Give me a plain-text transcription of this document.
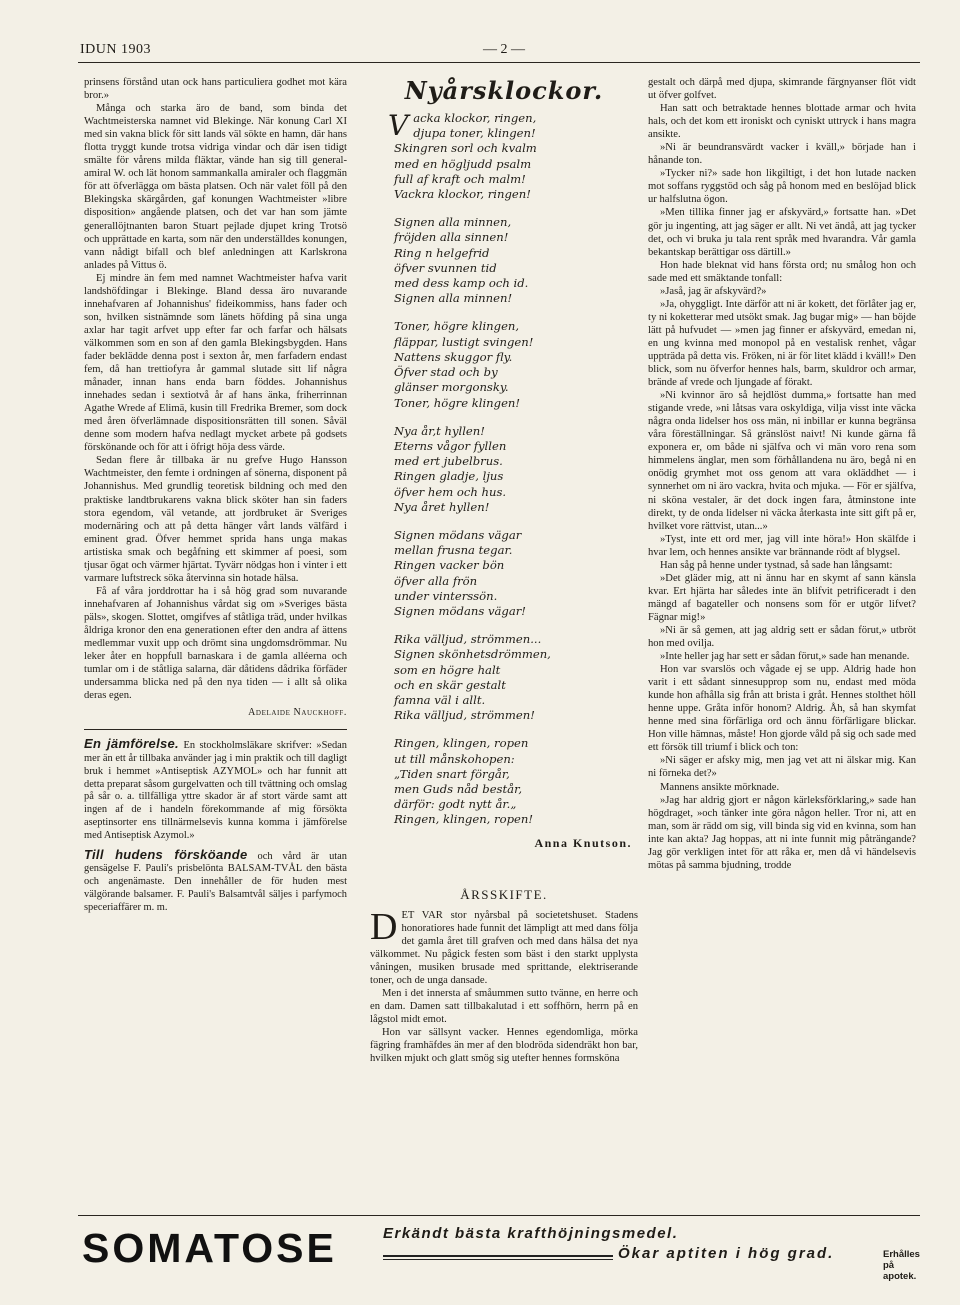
IDUN 1903	— 2 —

prinsens förstånd utan ock hans particuliera godhet mot kära bror.»

Många och starka äro de band, som binda det Wachtmeisterska namnet vid Blekinge. När konung Carl XI med sin vakna blick för sitt lands väl sökte en hamn, där hans flotta tryggt kunde trotsa vidriga vindar och där isen tidigt smälte för vårens milda fläktar, vände han sig till general-amiral W. och lät honom sammankalla amiraler och flaggmän för att öfverlägga om bästa platsen. Och när valet föll på den Blekingska skärgården, gaf konungen Wachtmeister »libre disposition» angående platsen, och det var han som jämte generallöjtnanten baron Stuart pejlade djupet kring Trotsö och upprättade en karta, som när den underställdes konungen, vann nådigt bifall och blef anledningen att Karlskrona anlades på Vittus ö.

Ej mindre än fem med namnet Wachtmeister hafva varit landshöfdingar i Blekinge. Bland dessa äro nuvarande innehafvaren af Johannishus' fideikommiss, hans fader och son, hvilken sistnämnde som länets höfding på sina unga axlar har tagit arfvet upp efter far och farfar och hälsats välkommen som en son af den gamla Blekingsbygden. Hans fader beklädde denna post i sexton år, men farfadern endast fem, då han trettiofyra år gammal slutade sitt lif några månader, innan hans enda barn föddes. Johannishus innehades sedan i sextiotvå år af hans änka, friherrinnan Agathe Wrede af Elimä, kusin till Fredrika Bremer, som dock med åren öfverlämnade dispositionsrätten till sonen. Såväl denne som modern hafva nedlagt mycket arbete på godsets förskönande och för att i öfrigt höja dess värde.

Sedan flere år tillbaka är nu grefve Hugo Hansson Wachtmeister, den femte i ordningen af sönerna, disponent på Johannishus. Med grundlig teoretisk bildning och med den praktiske landtbrukarens vakna blick sköter han sin faders stora egendom, väl vetande, att jordbruket är Sveriges modernäring och att på detta hänger vårt lands välfärd i eminent grad. Öfver hemmet sprida hans unga makas artistiska smak och begåfning ett skimmer af poesi, som tjusar ögat och värmer hjärtat. Tyvärr nödgas hon i vinter i ett varmare luftstreck söka återvinna sin hotade hälsa.

Få af våra jorddrottar ha i så hög grad som nuvarande innehafvaren af Johannishus vårdat sig om »Sveriges bästa päls», skogen. Slottet, omgifves af ståtliga träd, under hvilkas åldriga kronor den ena generationen efter den andra af ättens medlemmar vuxit upp och drömt sina ungdomsdrömmar. Nu leker åter en hoppfull barnaskara i de gamla alléerna och tumlar om i de ståtliga salarna, där dåtidens dådrika förfäder undersamma blicka ned på den nya tiden — i allt så olika deras egen.

Adelaide Nauckhoff.

En jämförelse. En stockholmsläkare skrifver: »Sedan mer än ett år tillbaka använder jag i min praktik och till dagligt bruk i hemmet »Antiseptisk AZYMOL» och har funnit att detta preparat såsom gurgelvatten och till tvättning och omslag på sår o. a. tillfälliga yttre skador är af stort värde samt att ingen af de i handeln förekommande af mig försökta aseptinsorter ens tillnärmelsevis kunna komma i jämförelse med Antiseptisk Azymol.»

Till hudens försköande och vård är utan gensägelse F. Pauli's prisbelönta BALSAM-TVÅL den bästa och angenämaste. Den innehåller de för huden mest välgörande balsamer. F. Pauli's Balsamtvål säljes i parfymoch speceriaffärer m. m.

Nyårsklockor.
Vacka klockor, ringen,
djupa toner, klingen!
Skingren sorl och kvalm
med en högljudd psalm
full af kraft och malm!
Vackra klockor, ringen!
Signen alla minnen,
fröjden alla sinnen!
Ring n helgefrid
öfver svunnen tid
med dess kamp och id.
Signen alla minnen!
Toner, högre klingen,
fläppar, lustigt svingen!
Nattens skuggor fly.
Öfver stad och by
glänser morgonsky.
Toner, högre klingen!
Nya år,t hyllen!
Eterns vågor fyllen
med ert jubelbrus.
Ringen gladje, ljus
öfver hem och hus.
Nya året hyllen!
Signen mödans vägar
mellan frusna tegar.
Ringen vacker bön
öfver alla frön
under vinterssön.
Signen mödans vägar!
Rika välljud, strömmen...
Signen skönhetsdrömmen,
som en högre halt
och en skär gestalt
famna väl i allt.
Rika välljud, strömmen!
Ringen, klingen, ropen
ut till månskohopen:
„Tiden snart förgår,
men Guds nåd består,
därför: godt nytt år.„
Ringen, klingen, ropen!
Anna Knutson.
ÅRSSKIFTE.

DET VAR stor nyårsbal på societetshuset. Stadens honoratiores hade funnit det lämpligt att med dans följa det gamla året till grafven och med dans hälsa det nya välkommet. Nu pågick festen som bäst i den starkt upplysta våningen, musiken brusade med sprittande, elektriserande toner, och de unga dansade.

Men i det innersta af småummen sutto tvänne, en herre och en dam. Damen satt tillbakalutad i ett soffhörn, herrn på en lågstol midt emot.

Hon var sällsynt vacker. Hennes egendomliga, mörka fägring framhäfdes än mer af den blodröda sidendräkt hon bar, hvilken mjukt och glatt smög sig utefter hennes formsköna

gestalt och därpå med djupa, skimrande färgnyanser flöt vidt ut öfver golfvet.

Han satt och betraktade hennes blottade armar och hvita hals, och det kom ett ironiskt och cyniskt uttryck i hans magra ansikte.

»Ni är beundransvärdt vacker i kväll,» började han i hånande ton.

»Tycker ni?» sade hon likgiltigt, i det hon lutade nacken mot soffans ryggstöd och såg på honom med en beslöjad blick ur halfslutna ögon.

»Men tillika finner jag er afskyvärd,» fortsatte han. »Det gör ju ingenting, att jag säger er allt. Ni vet ändå, att jag tycker det, och vi bruka ju tala rent språk med hvarandra. Vår gamla bekantskap berättigar oss därtill.»

Hon hade bleknat vid hans första ord; nu smålog hon och sade med ett smäktande tonfall:

»Jaså, jag är afskyvärd?»

»Ja, ohyggligt. Inte därför att ni är kokett, det förlåter jag er, ty ni koketterar med utsökt smak. Jag bugar mig» — han böjde lätt på hufvudet — »men jag finner er afskyvärd, emedan ni, en ung kvinna med monopol på en vestalisk renhet, vågar uppträda på detta vis. Fröken, ni är för litet klädd i kväll!» Den blick, som nu öfverfor hennes hals, barm, skuldror och armar, brände af vrede och ljungade af förakt.

»Ni kvinnor äro så hejdlöst dumma,» fortsatte han med stigande vrede, »ni låtsas vara oskyldiga, vilja visst inte väcka några onda lidelser hos oss män, ni inbillar er kunna begränsa våra föreställningar. Så gränslöst naivt! Ni kunde gärna få exponera er, om både ni själfva och vi män voro rena som himmelens änglar, men som förhållandena nu äro, begå ni en onödig grymhet mot oss genom att vara okläddhet — i synnerhet om ni äro vackra, hvita och mjuka. — För er själfva, ni sköna vestaler, är det dock ingen fara, åtminstone inte direkt, ty de onda lidelser ni väcka återkasta inte sitt gift på er, hvilket vore rättvist, utan...»

»Tyst, inte ett ord mer, jag vill inte höra!» Hon skälfde i hvar lem, och hennes ansikte var brännande rödt af blygsel.

Han såg på henne under tystnad, så sade han långsamt:

»Det gläder mig, att ni ännu har en skymt af sann känsla kvar. Ert hjärta har således inte än blifvit petrificeradt i den mängd af bagateller och nonsens som för er utgör lifvet? Fägnar mig!»

»Ni är så gemen, att jag aldrig sett er sådan förut,» utbröt hon med ovilja.

»Inte heller jag har sett er sådan förut,» sade han menande.

Hon var svarslös och vågade ej se upp. Aldrig hade hon varit i ett sådant sinnesupprор som nu, endast med möda kunde hon afhålla sig från att brista i gråt. Hennes stolthet höll henne uppe. Gråta inför honom? Aldrig. Åh, så han skymfat henne med sina förfärliga ord och ännu förfärligare blickar. Hon ville hämnas, måste! Hon gjorde våld på sig och sade med ett försök till triumf i blick och ton:

»Ni säger er afsky mig, men jag vet att ni älskar mig. Kan ni förneka det?»

Mannens ansikte mörknade.

»Jag har aldrig gjort er någon kärleksförklaring,» sade han högdraget, »och tänker inte göra någon heller. Tror ni, att en man, som är rädd om sig, vill binda sig vid en kvinna, som han inte kan akta? Jag hoppas, att ni inte funnit mig påträngande? Jag gör verkligen intet för att råka er, men då vi händelsevis mötas på samma bjudning, trodde

SOMATOSE	Erkändt bästa krafthöjningsmedel.
Ökar aptiten i hög grad.	Erhålles på apotek.
